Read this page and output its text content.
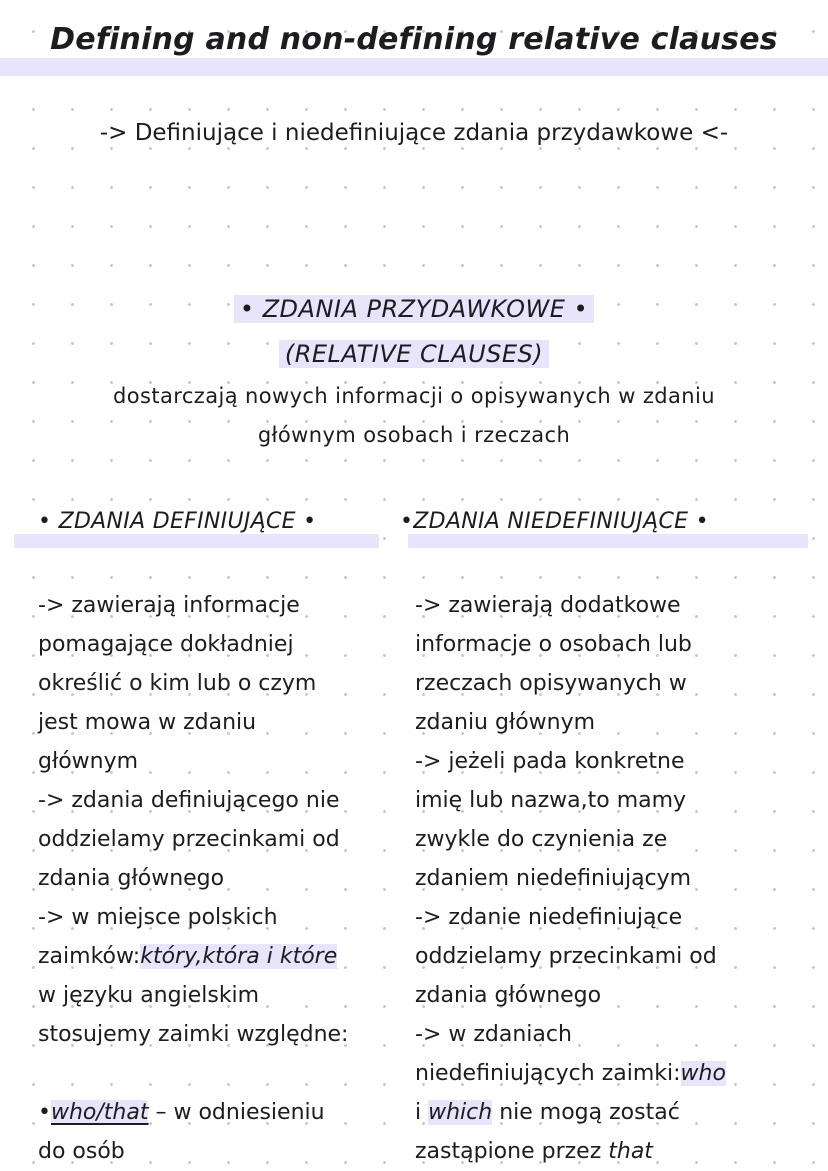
Defining and non-defining relative clauses
-> Definiujące i niedefiniujące zdania przydawkowe <-
• ZDANIA PRZYDAWKOWE •
(RELATIVE CLAUSES)
dostarczają nowych informacji o opisywanych w zdaniu
głównym osobach i rzeczach
• ZDANIA DEFINIUJĄCE •	•ZDANIA NIEDEFINIUJĄCE •
-> zawierają informacje
pomagające dokładniej
określić o kim lub o czym
jest mowa w zdaniu
głównym
-> zdania definiującego nie
oddzielamy przecinkami od
zdania głównego
-> w miejsce polskich
zaimków:który,która i które
w języku angielskim
stosujemy zaimki względne:
•who/that – w odniesieniu
do osób
-> zawierają dodatkowe
informacje o osobach lub
rzeczach opisywanych w
zdaniu głównym
-> jeżeli pada konkretne
imię lub nazwa,to mamy
zwykle do czynienia ze
zdaniem niedefiniującym
-> zdanie niedefiniujące
oddzielamy przecinkami od
zdania głównego
-> w zdaniach
niedefiniujących zaimki:who
i which nie mogą zostać
zastąpione przez that
